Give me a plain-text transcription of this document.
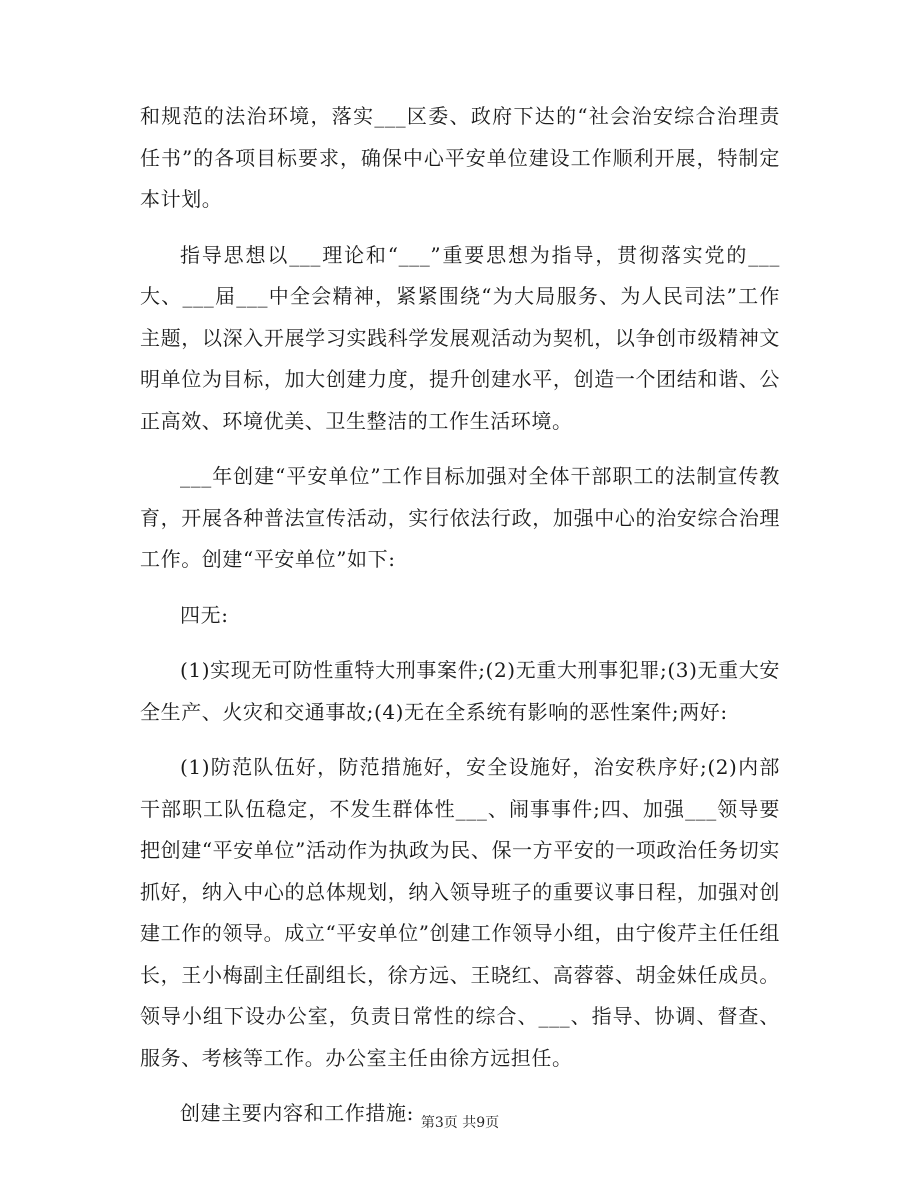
和规范的法治环境，落实___区委、政府下达的“社会治安综合治理责任书”的各项目标要求，确保中心平安单位建设工作顺利开展，特制定本计划。

指导思想以___理论和“___”重要思想为指导，贯彻落实党的___大、___届___中全会精神，紧紧围绕“为大局服务、为人民司法”工作主题，以深入开展学习实践科学发展观活动为契机，以争创市级精神文明单位为目标，加大创建力度，提升创建水平，创造一个团结和谐、公正高效、环境优美、卫生整洁的工作生活环境。

___年创建“平安单位”工作目标加强对全体干部职工的法制宣传教育，开展各种普法宣传活动，实行依法行政，加强中心的治安综合治理工作。创建“平安单位”如下:

四无:

(1)实现无可防性重特大刑事案件;(2)无重大刑事犯罪;(3)无重大安全生产、火灾和交通事故;(4)无在全系统有影响的恶性案件;两好:

(1)防范队伍好，防范措施好，安全设施好，治安秩序好;(2)内部干部职工队伍稳定，不发生群体性___、闹事事件;四、加强___领导要把创建“平安单位”活动作为执政为民、保一方平安的一项政治任务切实抓好，纳入中心的总体规划，纳入领导班子的重要议事日程，加强对创建工作的领导。成立“平安单位”创建工作领导小组，由宁俊芹主任任组长，王小梅副主任副组长，徐方远、王晓红、高蓉蓉、胡金妹任成员。领导小组下设办公室，负责日常性的综合、___、指导、协调、督查、服务、考核等工作。办公室主任由徐方远担任。

创建主要内容和工作措施: 第3页 共9页
